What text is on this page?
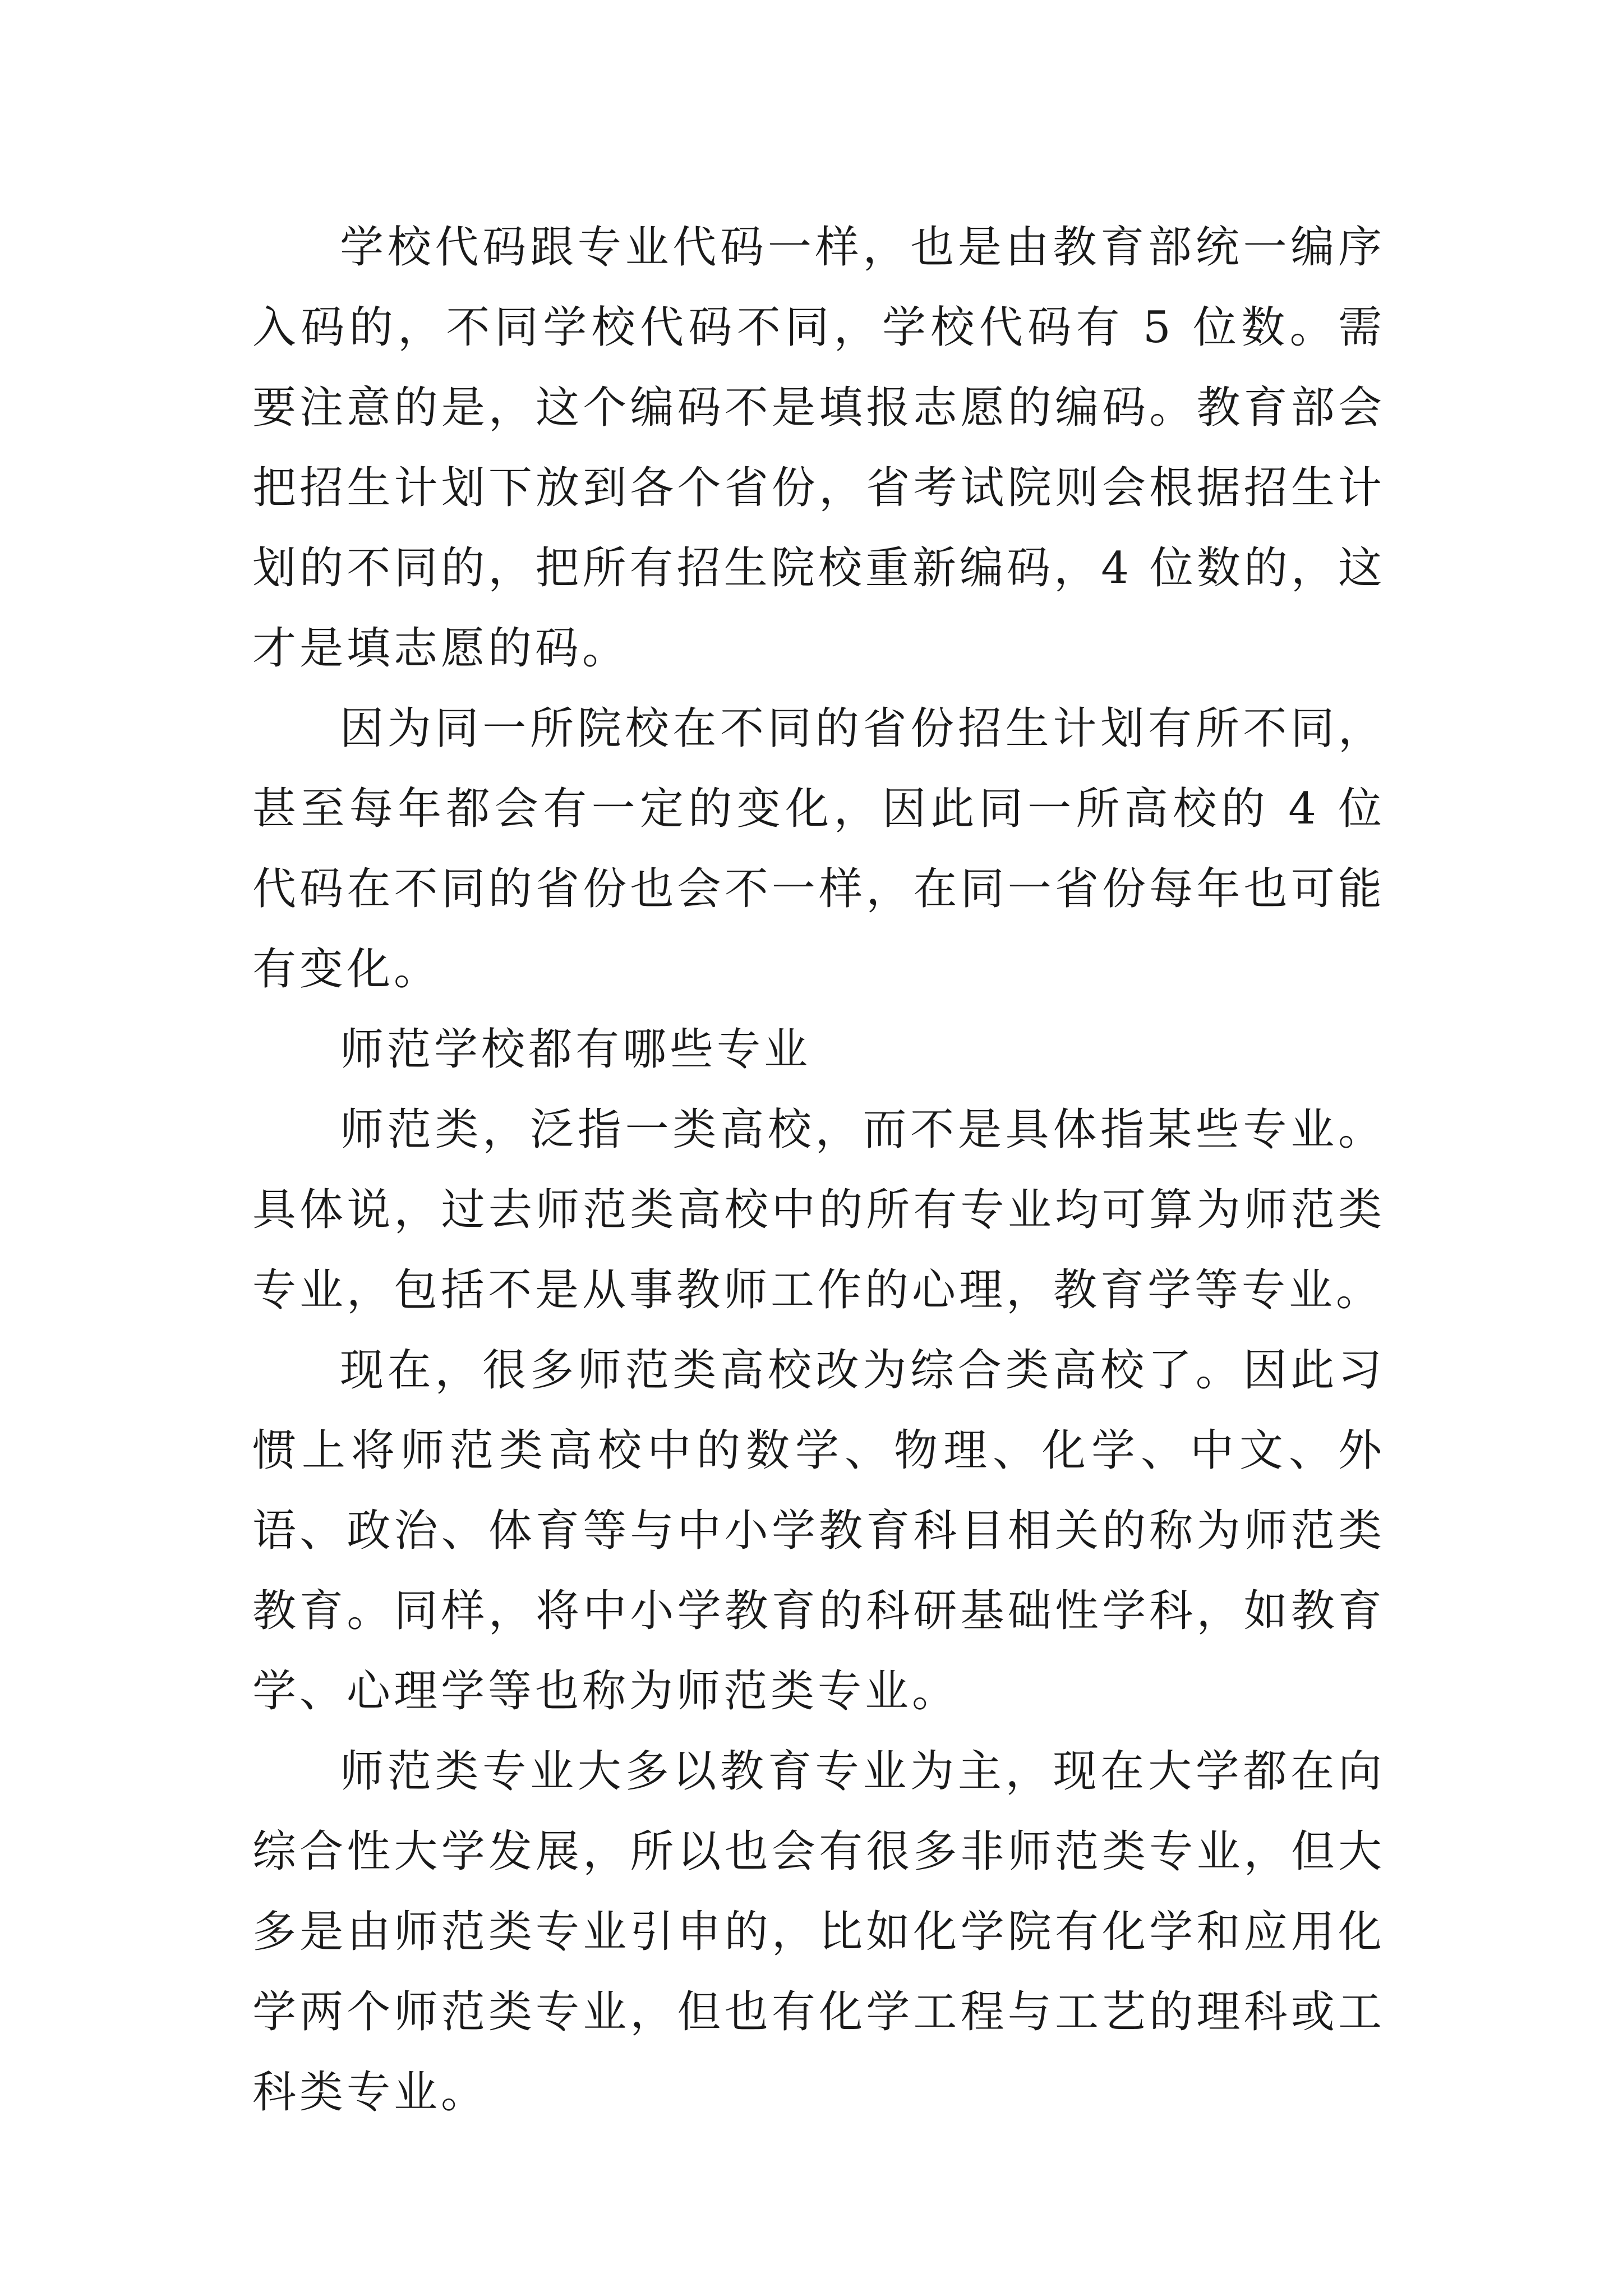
学校代码跟专业代码一样，也是由教育部统一编序入码的，不同学校代码不同，学校代码有 5 位数。需要注意的是，这个编码不是填报志愿的编码。教育部会把招生计划下放到各个省份，省考试院则会根据招生计划的不同的，把所有招生院校重新编码，4 位数的，这才是填志愿的码。

因为同一所院校在不同的省份招生计划有所不同，甚至每年都会有一定的变化，因此同一所高校的 4 位代码在不同的省份也会不一样，在同一省份每年也可能有变化。

师范学校都有哪些专业

师范类，泛指一类高校，而不是具体指某些专业。具体说，过去师范类高校中的所有专业均可算为师范类专业，包括不是从事教师工作的心理，教育学等专业。

现在，很多师范类高校改为综合类高校了。因此习惯上将师范类高校中的数学、物理、化学、中文、外语、政治、体育等与中小学教育科目相关的称为师范类教育。同样，将中小学教育的科研基础性学科，如教育学、心理学等也称为师范类专业。

师范类专业大多以教育专业为主，现在大学都在向综合性大学发展，所以也会有很多非师范类专业，但大多是由师范类专业引申的，比如化学院有化学和应用化学两个师范类专业，但也有化学工程与工艺的理科或工科类专业。
